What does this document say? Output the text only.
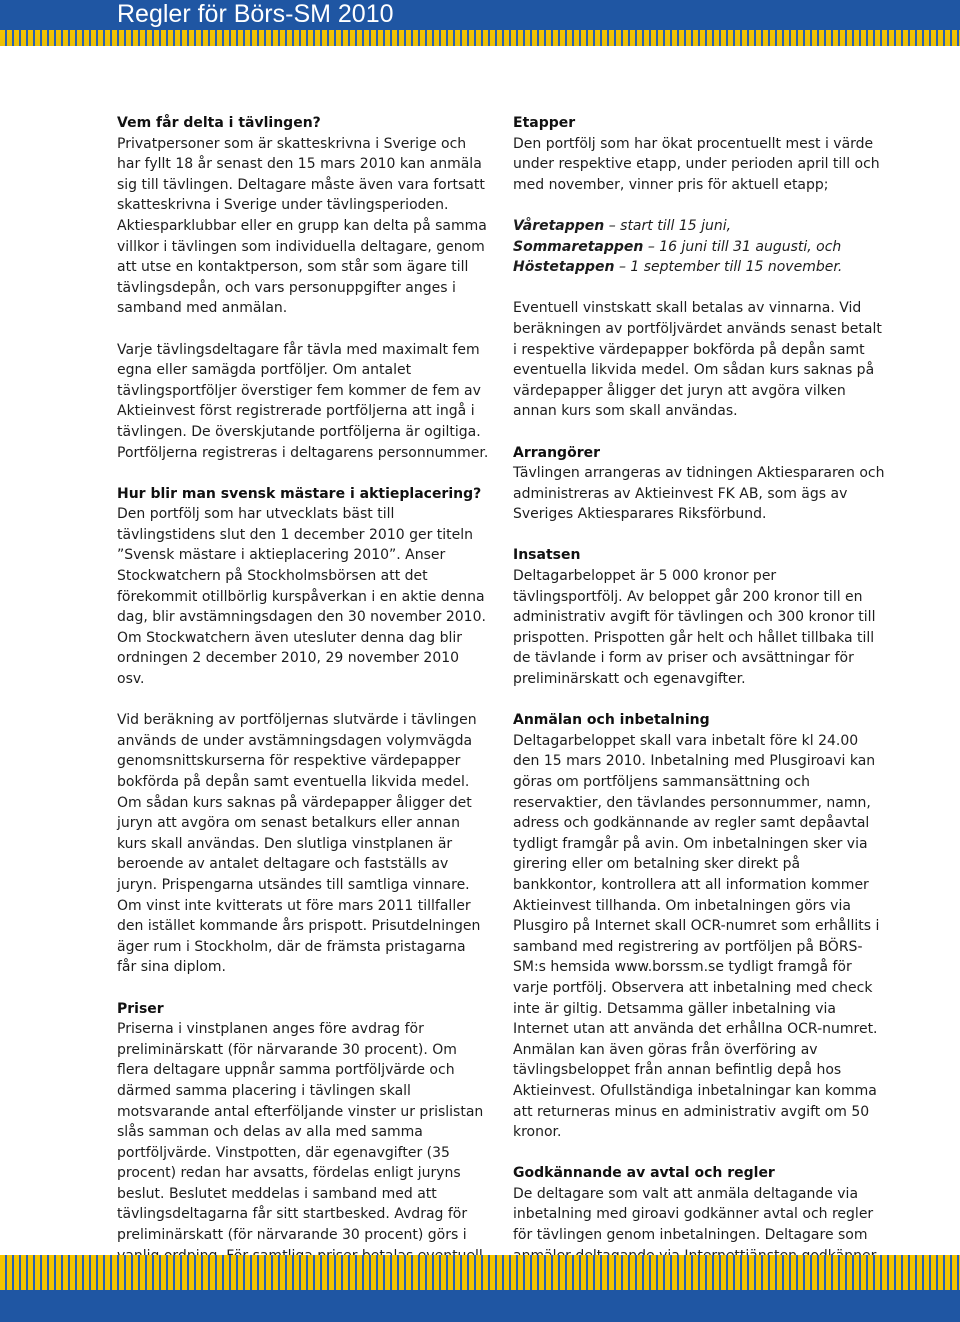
Regler för Börs-SM 2010
Vem får delta i tävlingen?
Privatpersoner som är skatteskrivna i Sverige och har fyllt 18 år senast den 15 mars 2010 kan anmäla sig till tävlingen. Deltagare måste även vara fortsatt skatteskrivna i Sverige under tävlingsperioden. Aktiesparklubbar eller en grupp kan delta på samma villkor i tävlingen som individuella deltagare, genom att utse en kontaktperson, som står som ägare till tävlingsdepån, och vars personuppgifter anges i samband med anmälan.
Varje tävlingsdeltagare får tävla med maximalt fem egna eller samägda portföljer. Om antalet tävlingsportföljer överstiger fem kommer de fem av Aktieinvest först registrerade portföljerna att ingå i tävlingen. De överskjutande portföljerna är ogiltiga. Portföljerna registreras i deltagarens personnummer.
Hur blir man svensk mästare i aktieplacering?
Den portfölj som har utvecklats bäst till tävlingstidens slut den 1 december 2010 ger titeln ”Svensk mästare i aktieplacering 2010”. Anser Stockwatchern på Stockholmsbörsen att det förekommit otillbörlig kurspåverkan i en aktie denna dag, blir avstämningsdagen den 30 november 2010. Om Stockwatchern även utesluter denna dag blir ordningen 2 december 2010, 29 november 2010 osv.
Vid beräkning av portföljernas slutvärde i tävlingen används de under avstämningsdagen volymvägda genomsnittskurserna för respektive värdepapper bokförda på depån samt eventuella likvida medel. Om sådan kurs saknas på värdepapper åligger det juryn att avgöra om senast betalkurs eller annan kurs skall användas. Den slutliga vinstplanen är beroende av antalet deltagare och fastställs av juryn. Prispengarna utsändes till samtliga vinnare. Om vinst inte kvitterats ut före mars 2011 tillfaller den istället kommande års prispott. Prisutdelningen äger rum i Stockholm, där de främsta pristagarna får sina diplom.
Priser
Priserna i vinstplanen anges före avdrag för preliminärskatt (för närvarande 30 procent). Om flera deltagare uppnår samma portföljvärde och därmed samma placering i tävlingen skall motsvarande antal efterföljande vinster ur prislistan slås samman och delas av alla med samma portföljvärde. Vinstpotten, där egenavgifter (35 procent) redan har avsatts, fördelas enligt juryns beslut. Beslutet meddelas i samband med att tävlingsdeltagarna får sitt startbesked. Avdrag för preliminärskatt (för närvarande 30 procent) görs i
Etapper
Den portfölj som har ökat procentuellt mest i värde under respektive etapp, under perioden april till och med november, vinner pris för aktuell etapp;
Våretappen – start till 15 juni,
Sommaretappen – 16 juni till 31 augusti, och
Höstetappen – 1 september till 15 november.
Eventuell vinstskatt skall betalas av vinnarna. Vid beräkningen av portföljvärdet används senast betalt i respektive värdepapper bokförda på depån samt eventuella likvida medel. Om sådan kurs saknas på värdepapper åligger det juryn att avgöra vilken annan kurs som skall användas.
Arrangörer
Tävlingen arrangeras av tidningen Aktiespararen och administreras av Aktieinvest FK AB, som ägs av Sveriges Aktiesparares Riksförbund.
Insatsen
Deltagarbeloppet är 5 000 kronor per tävlingsportfölj. Av beloppet går 200 kronor till en administrativ avgift för tävlingen och 300 kronor till prispotten. Prispotten går helt och hållet tillbaka till de tävlande i form av priser och avsättningar för preliminärskatt och egenavgifter.
Anmälan och inbetalning
Deltagarbeloppet skall vara inbetalt före kl 24.00 den 15 mars 2010. Inbetalning med Plusgiroavi kan göras om portföljens sammansättning och reservaktier, den tävlandes personnummer, namn, adress och godkännande av regler samt depåavtal tydligt framgår på avin. Om inbetalningen sker via girering eller om betalning sker direkt på bankkontor, kontrollera att all information kommer Aktieinvest tillhanda. Om inbetalningen görs via Plusgiro på Internet skall OCR-numret som erhållits i samband med registrering av portföljen på BÖRS-SM:s hemsida www.borssm.se tydligt framgå för varje portfölj. Observera att inbetalning med check inte är giltig. Detsamma gäller inbetalning via Internet utan att använda det erhållna OCR-numret. Anmälan kan även göras från överföring av tävlingsbeloppet från annan befintlig depå hos Aktieinvest. Ofullständiga inbetalningar kan komma att returneras minus en administrativ avgift om 50 kronor.
Godkännande av avtal och regler
De deltagare som valt att anmäla deltagande via inbetalning med giroavi godkänner avtal och regler för tävlingen genom inbetalningen. Deltagare som
